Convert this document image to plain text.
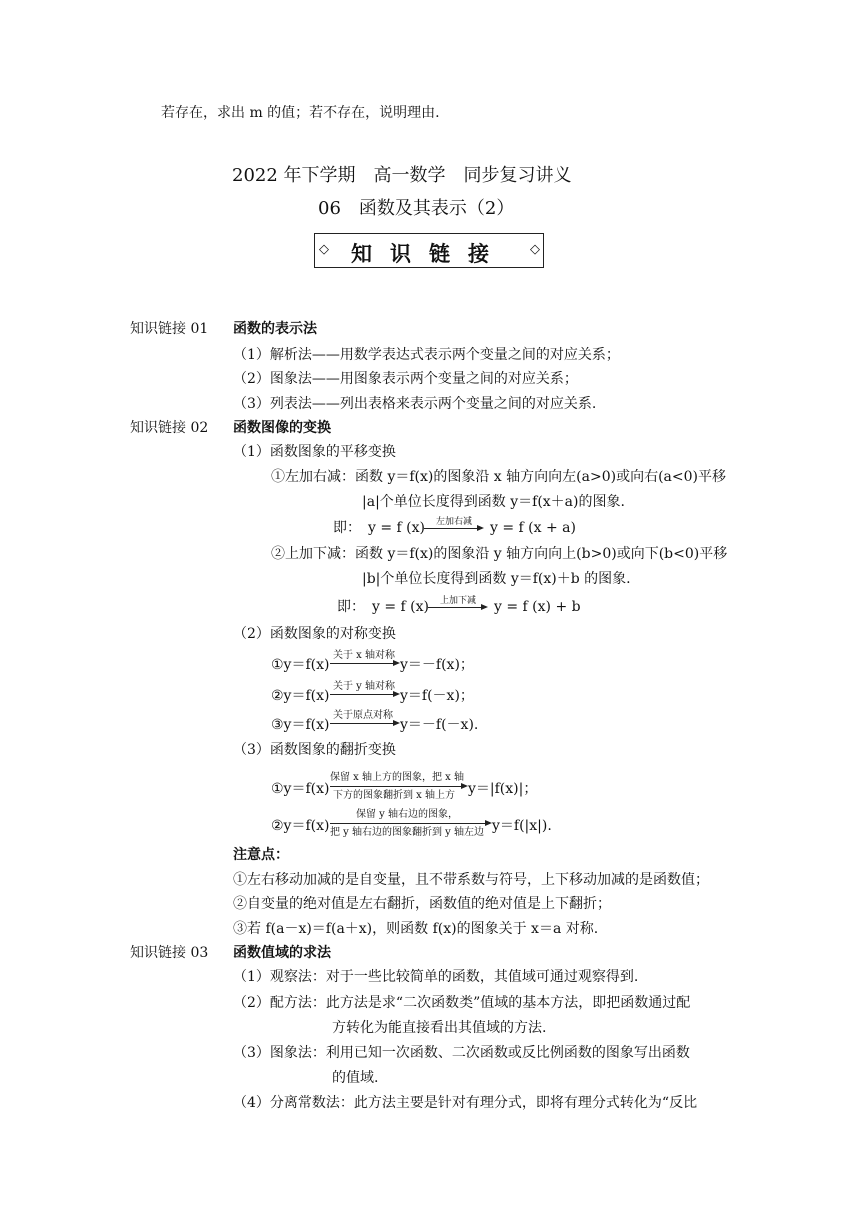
若存在，求出 m 的值；若不存在，说明理由.
2022 年下学期　高一数学　同步复习讲义
06　函数及其表示（2）
◇	知识链接	◇
知识链接 01 函数的表示法
（1）解析法——用数学表达式表示两个变量之间的对应关系；
（2）图象法——用图象表示两个变量之间的对应关系；
（3）列表法——列出表格来表示两个变量之间的对应关系.
知识链接 02 函数图像的变换
（1）函数图象的平移变换
①左加右减：函数 y＝f(x)的图象沿 x 轴方向向左(a>0)或向右(a<0)平移
|a|个单位长度得到函数 y＝f(x＋a)的图象.
即： y = f (x) 左加右减 y = f (x + a)
②上加下减：函数 y＝f(x)的图象沿 y 轴方向向上(b>0)或向下(b<0)平移
|b|个单位长度得到函数 y＝f(x)＋b 的图象.
即： y = f (x) 上加下减 y = f (x) + b
（2）函数图象的对称变换
①y＝f(x)
关于 x 轴对称
y＝－f(x)；
②y＝f(x)
关于 y 轴对称
y＝f(－x)；
③y＝f(x)
关于原点对称
y＝－f(－x).
（3）函数图象的翻折变换
①y＝f(x)
保留 x 轴上方的图象，把 x 轴
下方的图象翻折到 x 轴上方 y＝|f(x)|；
②y＝f(x)
保留 y 轴右边的图象，
把 y 轴右边的图象翻折到 y 轴左边 y＝f(|x|).
注意点：
①左右移动加减的是自变量，且不带系数与符号，上下移动加减的是函数值；
②自变量的绝对值是左右翻折，函数值的绝对值是上下翻折；
③若 f(a－x)＝f(a＋x)，则函数 f(x)的图象关于 x＝a 对称.
知识链接 03 函数值域的求法
（1）观察法：对于一些比较简单的函数，其值域可通过观察得到.
（2）配方法：此方法是求“二次函数类”值域的基本方法，即把函数通过配
方转化为能直接看出其值域的方法.
（3）图象法：利用已知一次函数、二次函数或反比例函数的图象写出函数
的值域.
（4）分离常数法：此方法主要是针对有理分式，即将有理分式转化为“反比
